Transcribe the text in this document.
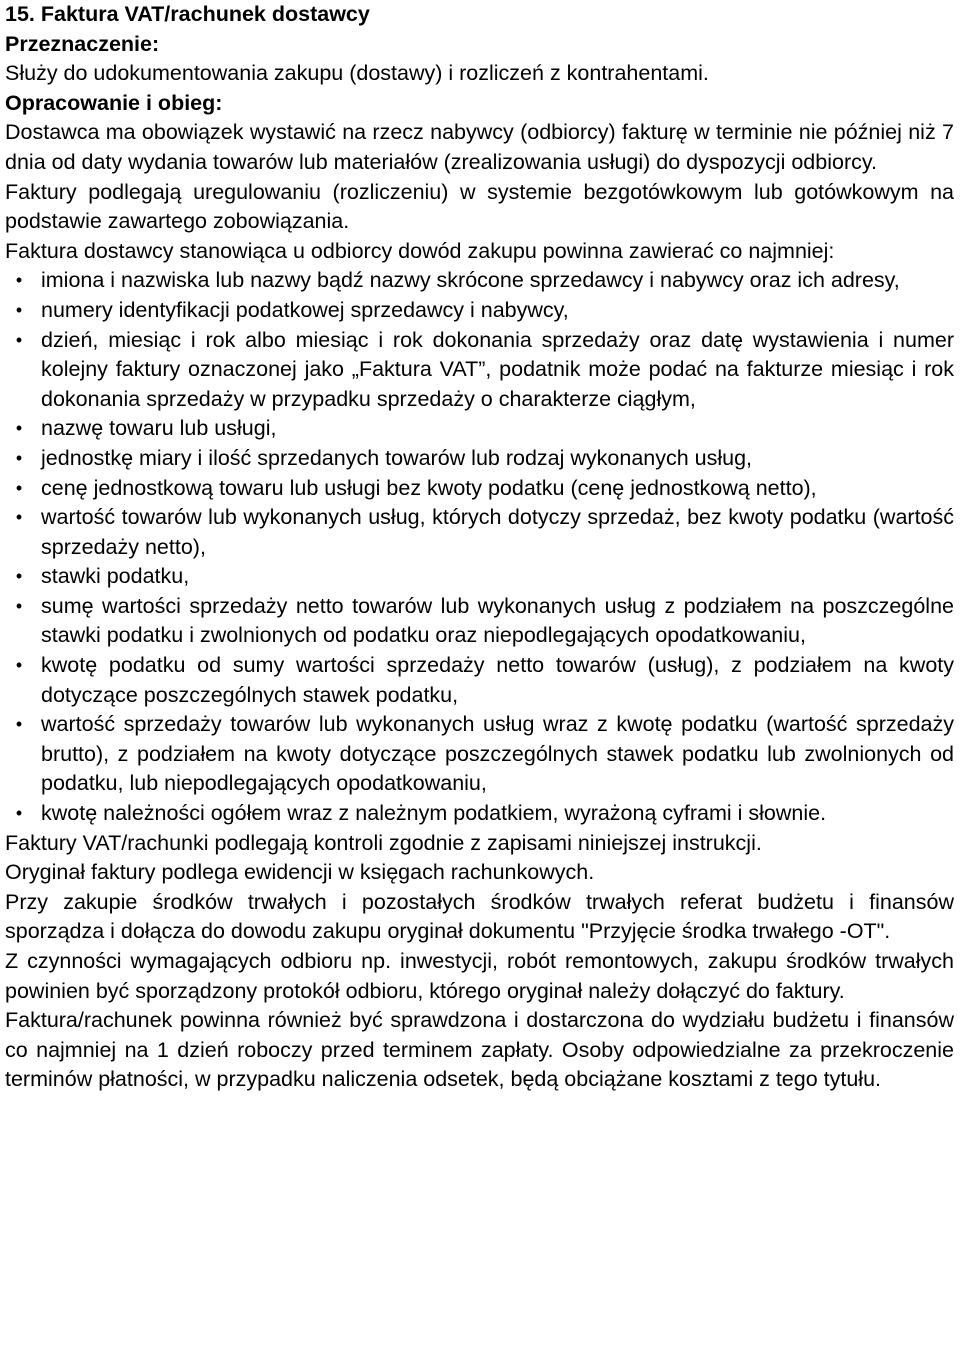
15. Faktura VAT/rachunek dostawcy

Przeznaczenie:

Służy do udokumentowania zakupu (dostawy) i rozliczeń z kontrahentami.

Opracowanie i obieg:

Dostawca ma obowiązek wystawić na rzecz nabywcy (odbiorcy) fakturę w terminie nie później niż 7 dnia od daty wydania towarów lub materiałów (zrealizowania usługi) do dyspozycji odbiorcy.

Faktury podlegają uregulowaniu (rozliczeniu) w systemie bezgotówkowym lub gotówkowym na podstawie zawartego zobowiązania.

Faktura dostawcy stanowiąca u odbiorcy dowód zakupu powinna zawierać co najmniej:

• imiona i nazwiska lub nazwy bądź nazwy skrócone sprzedawcy i nabywcy oraz ich adresy,
• numery identyfikacji podatkowej sprzedawcy i nabywcy,
• dzień, miesiąc i rok albo miesiąc i rok dokonania sprzedaży oraz datę wystawienia i numer kolejny faktury oznaczonej jako „Faktura VAT”, podatnik może podać na fakturze miesiąc i rok dokonania sprzedaży w przypadku sprzedaży o charakterze ciągłym,
• nazwę towaru lub usługi,
• jednostkę miary i ilość sprzedanych towarów lub rodzaj wykonanych usług,
• cenę jednostkową towaru lub usługi bez kwoty podatku (cenę jednostkową netto),
• wartość towarów lub wykonanych usług, których dotyczy sprzedaż, bez kwoty podatku (wartość sprzedaży netto),
• stawki podatku,
• sumę wartości sprzedaży netto towarów lub wykonanych usług z podziałem na poszczególne stawki podatku i zwolnionych od podatku oraz niepodlegających opodatkowaniu,
• kwotę podatku od sumy wartości sprzedaży netto towarów (usług), z podziałem na kwoty dotyczące poszczególnych stawek podatku,
• wartość sprzedaży towarów lub wykonanych usług wraz z kwotę podatku (wartość sprzedaży brutto), z podziałem na kwoty dotyczące poszczególnych stawek podatku lub zwolnionych od podatku, lub niepodlegających opodatkowaniu,
• kwotę należności ogółem wraz z należnym podatkiem, wyrażoną cyframi i słownie.

Faktury VAT/rachunki podlegają kontroli zgodnie z zapisami niniejszej instrukcji.

Oryginał faktury podlega ewidencji w księgach rachunkowych.

Przy zakupie środków trwałych i pozostałych środków trwałych referat budżetu i finansów sporządza i dołącza do dowodu zakupu oryginał dokumentu "Przyjęcie środka trwałego -OT".

Z czynności wymagających odbioru np. inwestycji, robót remontowych, zakupu środków trwałych powinien być sporządzony protokół odbioru, którego oryginał należy dołączyć do faktury.

Faktura/rachunek powinna również być sprawdzona i dostarczona do wydziału budżetu i finansów co najmniej na 1 dzień roboczy przed terminem zapłaty. Osoby odpowiedzialne za przekroczenie terminów płatności, w przypadku naliczenia odsetek, będą obciążane kosztami z tego tytułu.
